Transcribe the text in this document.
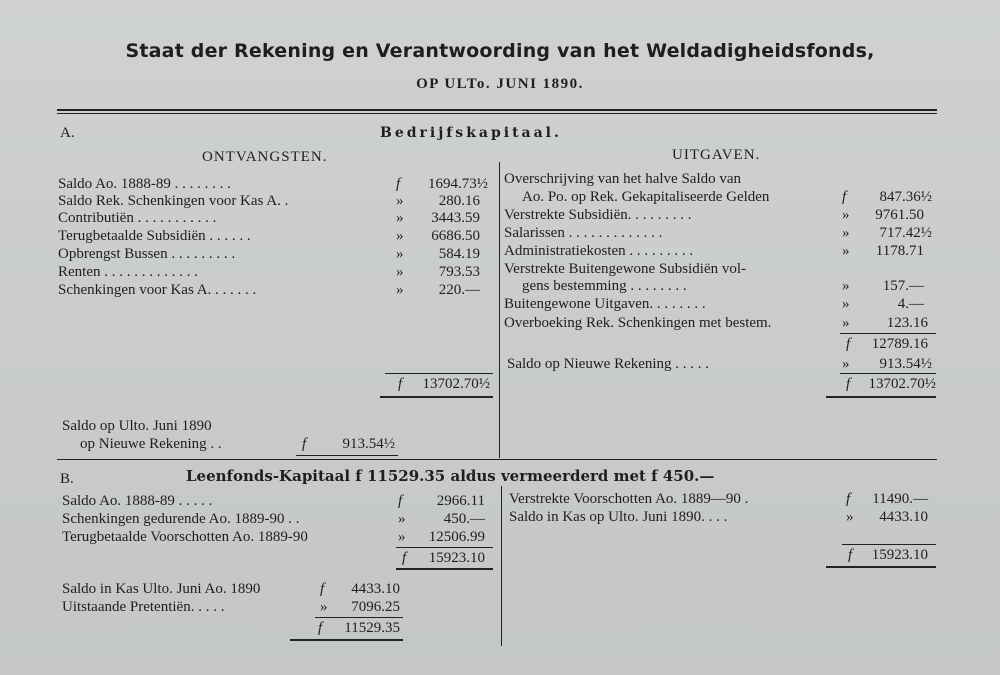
Staat der Rekening en Verantwoording van het Weldadigheidsfonds,
OP ULTo. JUNI 1890.
A.	Bedrijfskapitaal.
ONTVANGSTEN.	UITGAVEN.
Saldo Ao. 1888-89 . . . . . . . .	f	1694.73½
Saldo Rek. Schenkingen voor Kas A. .	»	280.16
Contributiën . . . . . . . . . . .	»	3443.59
Terugbetaalde Subsidiën . . . . . .	»	6686.50
Opbrengst Bussen . . . . . . . . .	»	584.19
Renten . . . . . . . . . . . . .	»	793.53
Schenkingen voor Kas A. . . . . . .	»	220.—
f	13702.70½
Saldo op Ulto. Juni 1890
op Nieuwe Rekening . .	f	913.54½
Overschrijving van het halve Saldo van
Ao. Po. op Rek. Gekapitaliseerde Gelden	f	847.36½
Verstrekte Subsidiën. . . . . . . . .	»	9761.50
Salarissen . . . . . . . . . . . . .	»	717.42½
Administratiekosten . . . . . . . . .	»	1178.71
Verstrekte Buitengewone Subsidiën vol-
gens bestemming . . . . . . . .	»	157.—
Buitengewone Uitgaven. . . . . . . .	»	4.—
Overboeking Rek. Schenkingen met bestem.	»	123.16
f	12789.16
Saldo op Nieuwe Rekening . . . . .	»	913.54½
f	13702.70½
B.	Leenfonds-Kapitaal f 11529.35 aldus vermeerderd met f 450.—
Saldo Ao. 1888-89 . . . . .	f	2966.11
Schenkingen gedurende Ao. 1889-90 . .	»	450.—
Terugbetaalde Voorschotten Ao. 1889-90	»	12506.99
f	15923.10
Verstrekte Voorschotten Ao. 1889—90 .	f	11490.—
Saldo in Kas op Ulto. Juni 1890. . . .	»	4433.10
f	15923.10
Saldo in Kas Ulto. Juni Ao. 1890	f	4433.10
Uitstaande Pretentiën. . . . .	»	7096.25
f	11529.35
